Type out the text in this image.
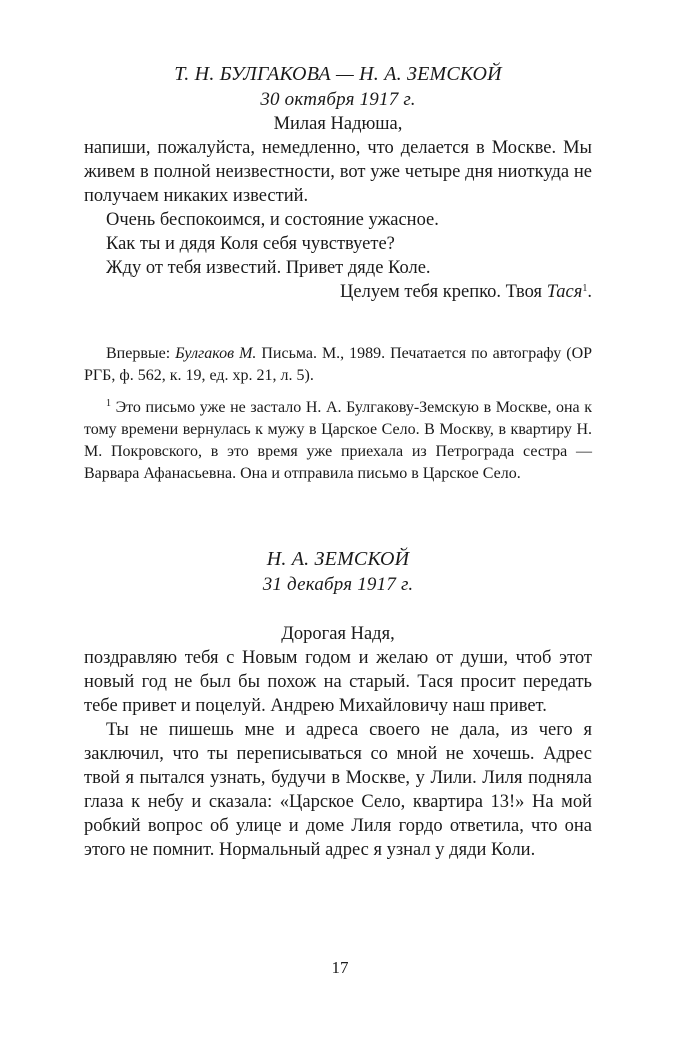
Т. Н. БУЛГАКОВА — Н. А. ЗЕМСКОЙ
30 октября 1917 г.

Милая Надюша,

напиши, пожалуйста, немедленно, что делается в Москве. Мы живем в полной неизвестности, вот уже четыре дня ниоткуда не получаем никаких известий.

Очень беспокоимся, и состояние ужасное.

Как ты и дядя Коля себя чувствуете?

Жду от тебя известий. Привет дяде Коле.

Целуем тебя крепко. Твоя Тася$^1$.

Впервые: Булгаков М. Письма. М., 1989. Печатается по автографу (ОР РГБ, ф. 562, к. 19, ед. хр. 21, л. 5).

$^1$ Это письмо уже не застало Н. А. Булгакову-Земскую в Москве, она к тому времени вернулась к мужу в Царское Село. В Москву, в квартиру Н. М. Покровского, в это время уже приехала из Петрограда сестра — Варвара Афанасьевна. Она и отправила письмо в Царское Село.

Н. А. ЗЕМСКОЙ
31 декабря 1917 г.

Дорогая Надя,

поздравляю тебя с Новым годом и желаю от души, чтоб этот новый год не был бы похож на старый. Тася просит передать тебе привет и поцелуй. Андрею Михайловичу наш привет.

Ты не пишешь мне и адреса своего не дала, из чего я заключил, что ты переписываться со мной не хочешь. Адрес твой я пытался узнать, будучи в Москве, у Лили. Лиля подняла глаза к небу и сказала: «Царское Село, квартира 13!» На мой робкий вопрос об улице и доме Лиля гордо ответила, что она этого не помнит. Нормальный адрес я узнал у дяди Коли.

17
